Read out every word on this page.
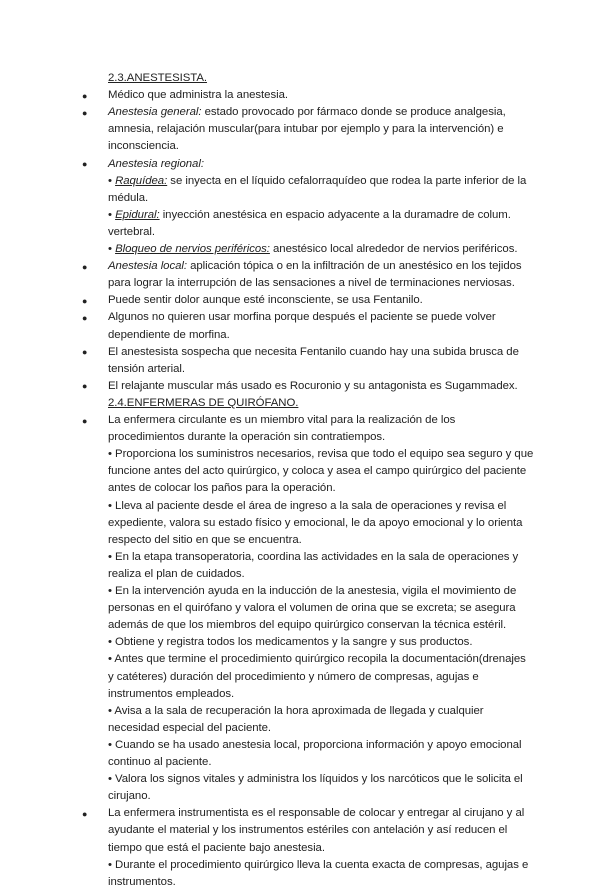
2.3.ANESTESISTA.
●
Médico que administra la anestesia.
●
Anestesia general: estado provocado por fármaco donde se produce analgesia,
amnesia, relajación muscular(para intubar por ejemplo y para la intervención) e
inconsciencia.
●
Anestesia regional:
• Raquídea: se inyecta en el líquido cefalorraquídeo que rodea la parte inferior de la
médula.
• Epidural: inyección anestésica en espacio adyacente a la duramadre de colum.
vertebral.
• Bloqueo de nervios periféricos: anestésico local alrededor de nervios periféricos.
●
Anestesia local: aplicación tópica o en la infiltración de un anestésico en los tejidos
para lograr la interrupción de las sensaciones a nivel de terminaciones nerviosas.
●
Puede sentir dolor aunque esté inconsciente, se usa Fentanilo.
●
Algunos no quieren usar morfina porque después el paciente se puede volver
dependiente de morfina.
●
El anestesista sospecha que necesita Fentanilo cuando hay una subida brusca de
tensión arterial.
●
El relajante muscular más usado es Rocuronio y su antagonista es Sugammadex.
2.4.ENFERMERAS DE QUIRÓFANO.
●
La enfermera circulante es un miembro vital para la realización de los
procedimientos durante la operación sin contratiempos.
• Proporciona los suministros necesarios, revisa que todo el equipo sea seguro y que
funcione antes del acto quirúrgico, y coloca y asea el campo quirúrgico del paciente
antes de colocar los paños para la operación.
• Lleva al paciente desde el área de ingreso a la sala de operaciones y revisa el
expediente, valora su estado físico y emocional, le da apoyo emocional y lo orienta
respecto del sitio en que se encuentra.
• En la etapa transoperatoria, coordina las actividades en la sala de operaciones y
realiza el plan de cuidados.
• En la intervención ayuda en la inducción de la anestesia, vigila el movimiento de
personas en el quirófano y valora el volumen de orina que se excreta; se asegura
además de que los miembros del equipo quirúrgico conservan la técnica estéril.
• Obtiene y registra todos los medicamentos y la sangre y sus productos.
• Antes que termine el procedimiento quirúrgico recopila la documentación(drenajes
y catéteres) duración del procedimiento y número de compresas, agujas e
instrumentos empleados.
• Avisa a la sala de recuperación la hora aproximada de llegada y cualquier
necesidad especial del paciente.
• Cuando se ha usado anestesia local, proporciona información y apoyo emocional
continuo al paciente.
• Valora los signos vitales y administra los líquidos y los narcóticos que le solicita el
cirujano.
●
La enfermera instrumentista es el responsable de colocar y entregar al cirujano y al
ayudante el material y los instrumentos estériles con antelación y así reducen el
tiempo que está el paciente bajo anestesia.
• Durante el procedimiento quirúrgico lleva la cuenta exacta de compresas, agujas e
instrumentos.
